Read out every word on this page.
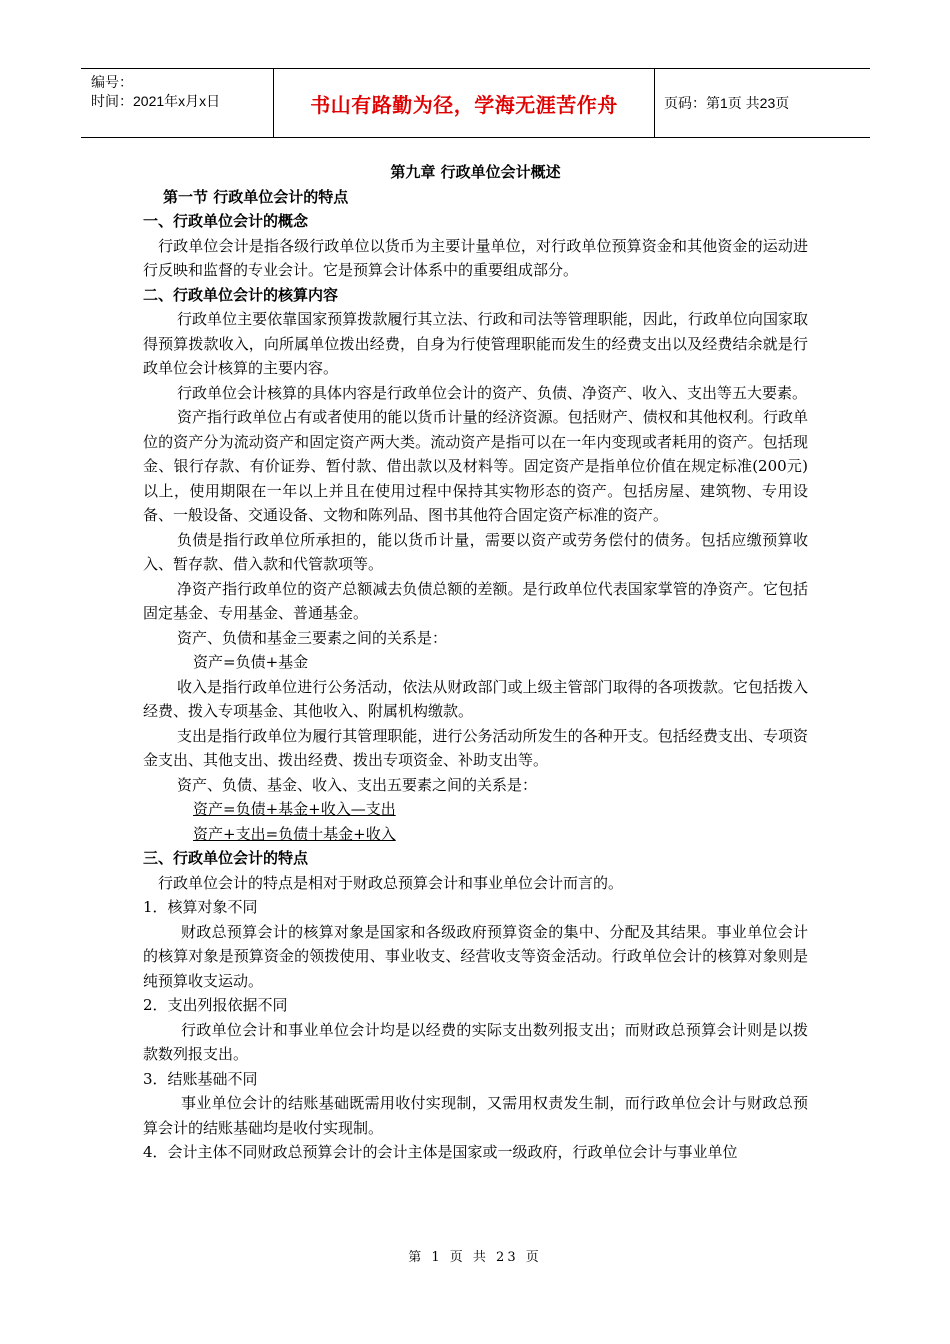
编号：
时间：2021年x月x日	书山有路勤为径，学海无涯苦作舟	页码：第1页 共23页

第九章 行政单位会计概述

第一节 行政单位会计的特点

一、行政单位会计的概念

行政单位会计是指各级行政单位以货币为主要计量单位，对行政单位预算资金和其他资金的运动进行反映和监督的专业会计。它是预算会计体系中的重要组成部分。

二、行政单位会计的核算内容

行政单位主要依靠国家预算拨款履行其立法、行政和司法等管理职能，因此，行政单位向国家取得预算拨款收入，向所属单位拨出经费，自身为行使管理职能而发生的经费支出以及经费结余就是行政单位会计核算的主要内容。

行政单位会计核算的具体内容是行政单位会计的资产、负债、净资产、收入、支出等五大要素。

资产指行政单位占有或者使用的能以货币计量的经济资源。包括财产、债权和其他权利。行政单位的资产分为流动资产和固定资产两大类。流动资产是指可以在一年内变现或者耗用的资产。包括现金、银行存款、有价证券、暂付款、借出款以及材料等。固定资产是指单位价值在规定标准(200元)以上，使用期限在一年以上并且在使用过程中保持其实物形态的资产。包括房屋、建筑物、专用设备、一般设备、交通设备、文物和陈列品、图书其他符合固定资产标准的资产。

负债是指行政单位所承担的，能以货币计量，需要以资产或劳务偿付的债务。包括应缴预算收入、暂存款、借入款和代管款项等。

净资产指行政单位的资产总额减去负债总额的差额。是行政单位代表国家掌管的净资产。它包括固定基金、专用基金、普通基金。

资产、负债和基金三要素之间的关系是：

资产=负债+基金

收入是指行政单位进行公务活动，依法从财政部门或上级主管部门取得的各项拨款。它包括拨入经费、拨入专项基金、其他收入、附属机构缴款。

支出是指行政单位为履行其管理职能，进行公务活动所发生的各种开支。包括经费支出、专项资金支出、其他支出、拨出经费、拨出专项资金、补助支出等。

资产、负债、基金、收入、支出五要素之间的关系是：

资产=负债+基金+收入—支出

资产+支出=负债十基金+收入

三、行政单位会计的特点

行政单位会计的特点是相对于财政总预算会计和事业单位会计而言的。

1．核算对象不同

财政总预算会计的核算对象是国家和各级政府预算资金的集中、分配及其结果。事业单位会计的核算对象是预算资金的领拨使用、事业收支、经营收支等资金活动。行政单位会计的核算对象则是纯预算收支运动。

2．支出列报依据不同

行政单位会计和事业单位会计均是以经费的实际支出数列报支出；而财政总预算会计则是以拨款数列报支出。

3．结账基础不同

事业单位会计的结账基础既需用收付实现制，又需用权责发生制，而行政单位会计与财政总预算会计的结账基础均是收付实现制。

4．会计主体不同财政总预算会计的会计主体是国家或一级政府，行政单位会计与事业单位

第 1 页 共 23 页
